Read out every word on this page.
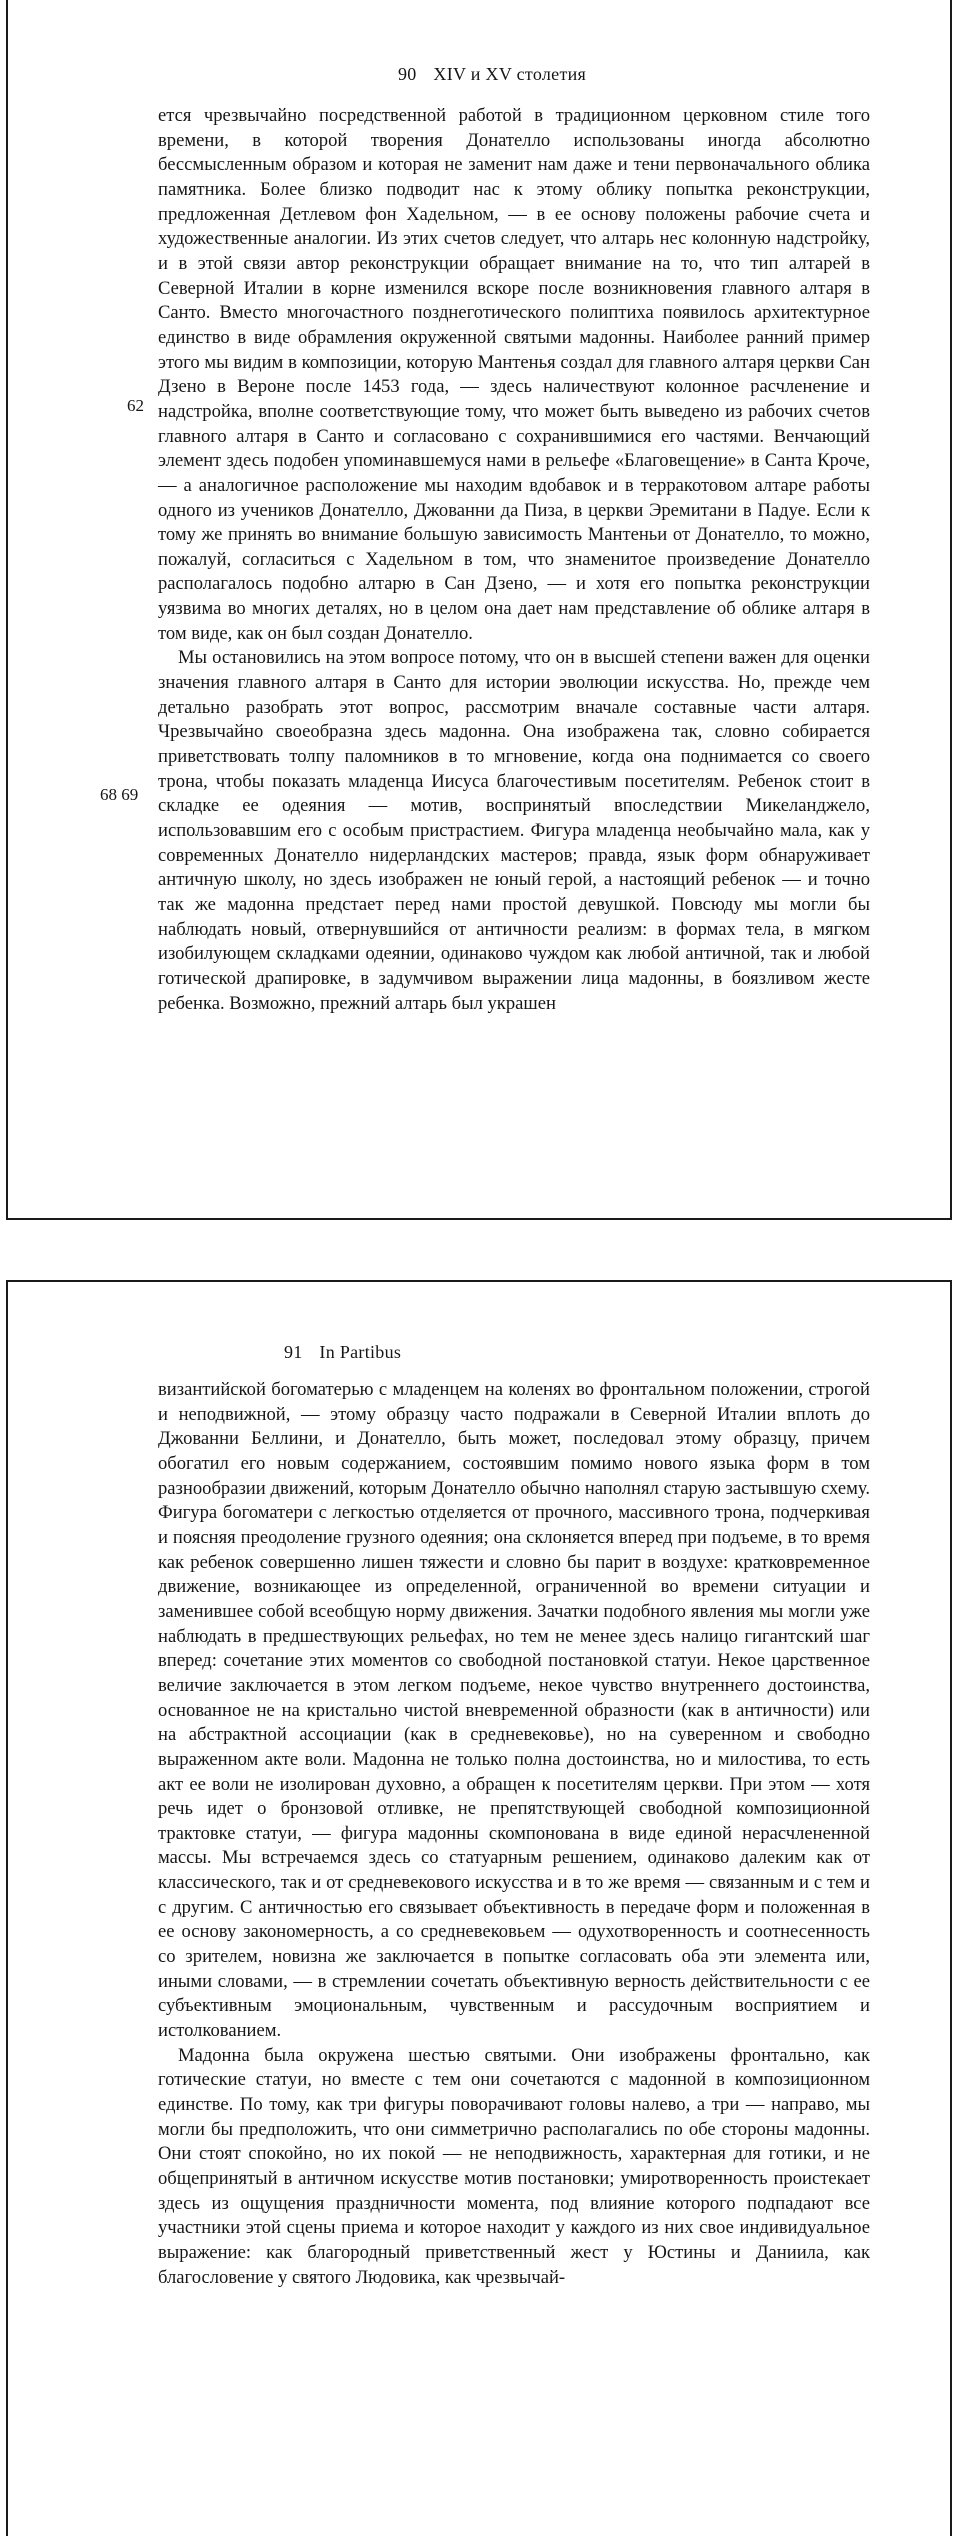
90 XIV и XV столетия
62
68 69

ется чрезвычайно посредственной работой в традиционном церковном стиле того времени, в которой творения Донателло использованы иногда абсолютно бессмысленным образом и которая не заменит нам даже и тени первоначального облика памятника. Более близко подводит нас к этому облику попытка реконструкции, предложенная Детлевом фон Хадельном, — в ее основу положены рабочие счета и художественные аналогии. Из этих счетов следует, что алтарь нес колонную надстройку, и в этой связи автор реконструкции обращает внимание на то, что тип алтарей в Северной Италии в корне изменился вскоре после возникновения главного алтаря в Санто. Вместо многочастного позднеготического полиптиха появилось архитектурное единство в виде обрамления окруженной святыми мадонны. Наиболее ранний пример этого мы видим в композиции, которую Мантенья создал для главного алтаря церкви Сан Дзено в Вероне после 1453 года, — здесь наличествуют колонное расчленение и надстройка, вполне соответствующие тому, что может быть выведено из рабочих счетов главного алтаря в Санто и согласовано с сохранившимися его частями. Венчающий элемент здесь подобен упоминавшемуся нами в рельефе «Благовещение» в Санта Кроче, — а аналогичное расположение мы находим вдобавок и в терракотовом алтаре работы одного из учеников Донателло, Джованни да Пиза, в церкви Эремитани в Падуе. Если к тому же принять во внимание большую зависимость Мантеньи от Донателло, то можно, пожалуй, согласиться с Хадельном в том, что знаменитое произведение Донателло располагалось подобно алтарю в Сан Дзено, — и хотя его попытка реконструкции уязвима во многих деталях, но в целом она дает нам представление об облике алтаря в том виде, как он был создан Донателло.

Мы остановились на этом вопросе потому, что он в высшей степени важен для оценки значения главного алтаря в Санто для истории эволюции искусства. Но, прежде чем детально разобрать этот вопрос, рассмотрим вначале составные части алтаря. Чрезвычайно своеобразна здесь мадонна. Она изображена так, словно собирается приветствовать толпу паломников в то мгновение, когда она поднимается со своего трона, чтобы показать младенца Иисуса благочестивым посетителям. Ребенок стоит в складке ее одеяния — мотив, воспринятый впоследствии Микеланджело, использовавшим его с особым пристрастием. Фигура младенца необычайно мала, как у современных Донателло нидерландских мастеров; правда, язык форм обнаруживает античную школу, но здесь изображен не юный герой, а настоящий ребенок — и точно так же мадонна предстает перед нами простой девушкой. Повсюду мы могли бы наблюдать новый, отвернувшийся от античности реализм: в формах тела, в мягком изобилующем складками одеянии, одинаково чуждом как любой античной, так и любой готической драпировке, в задумчивом выражении лица мадонны, в боязливом жесте ребенка. Возможно, прежний алтарь был украшен

91 In Partibus

византийской богоматерью с младенцем на коленях во фронтальном положении, строгой и неподвижной, — этому образцу часто подражали в Северной Италии вплоть до Джованни Беллини, и Донателло, быть может, последовал этому образцу, причем обогатил его новым содержанием, состоявшим помимо нового языка форм в том разнообразии движений, которым Донателло обычно наполнял старую застывшую схему. Фигура богоматери с легкостью отделяется от прочного, массивного трона, подчеркивая и поясняя преодоление грузного одеяния; она склоняется вперед при подъеме, в то время как ребенок совершенно лишен тяжести и словно бы парит в воздухе: кратковременное движение, возникающее из определенной, ограниченной во времени ситуации и заменившее собой всеобщую норму движения. Зачатки подобного явления мы могли уже наблюдать в предшествующих рельефах, но тем не менее здесь налицо гигантский шаг вперед: сочетание этих моментов со свободной постановкой статуи. Некое царственное величие заключается в этом легком подъеме, некое чувство внутреннего достоинства, основанное не на кристально чистой вневременной образности (как в античности) или на абстрактной ассоциации (как в средневековье), но на суверенном и свободно выраженном акте воли. Мадонна не только полна достоинства, но и милостива, то есть акт ее воли не изолирован духовно, а обращен к посетителям церкви. При этом — хотя речь идет о бронзовой отливке, не препятствующей свободной композиционной трактовке статуи, — фигура мадонны скомпонована в виде единой нерасчлененной массы. Мы встречаемся здесь со статуарным решением, одинаково далеким как от классического, так и от средневекового искусства и в то же время — связанным и с тем и с другим. С античностью его связывает объективность в передаче форм и положенная в ее основу закономерность, а со средневековьем — одухотворенность и соотнесенность со зрителем, новизна же заключается в попытке согласовать оба эти элемента или, иными словами, — в стремлении сочетать объективную верность действительности с ее субъективным эмоциональным, чувственным и рассудочным восприятием и истолкованием.

Мадонна была окружена шестью святыми. Они изображены фронтально, как готические статуи, но вместе с тем они сочетаются с мадонной в композиционном единстве. По тому, как три фигуры поворачивают головы налево, а три — направо, мы могли бы предположить, что они симметрично располагались по обе стороны мадонны. Они стоят спокойно, но их покой — не неподвижность, характерная для готики, и не общепринятый в античном искусстве мотив постановки; умиротворенность проистекает здесь из ощущения праздничности момента, под влияние которого подпадают все участники этой сцены приема и которое находит у каждого из них свое индивидуальное выражение: как благородный приветственный жест у Юстины и Даниила, как благословение у святого Людовика, как чрезвычай-
